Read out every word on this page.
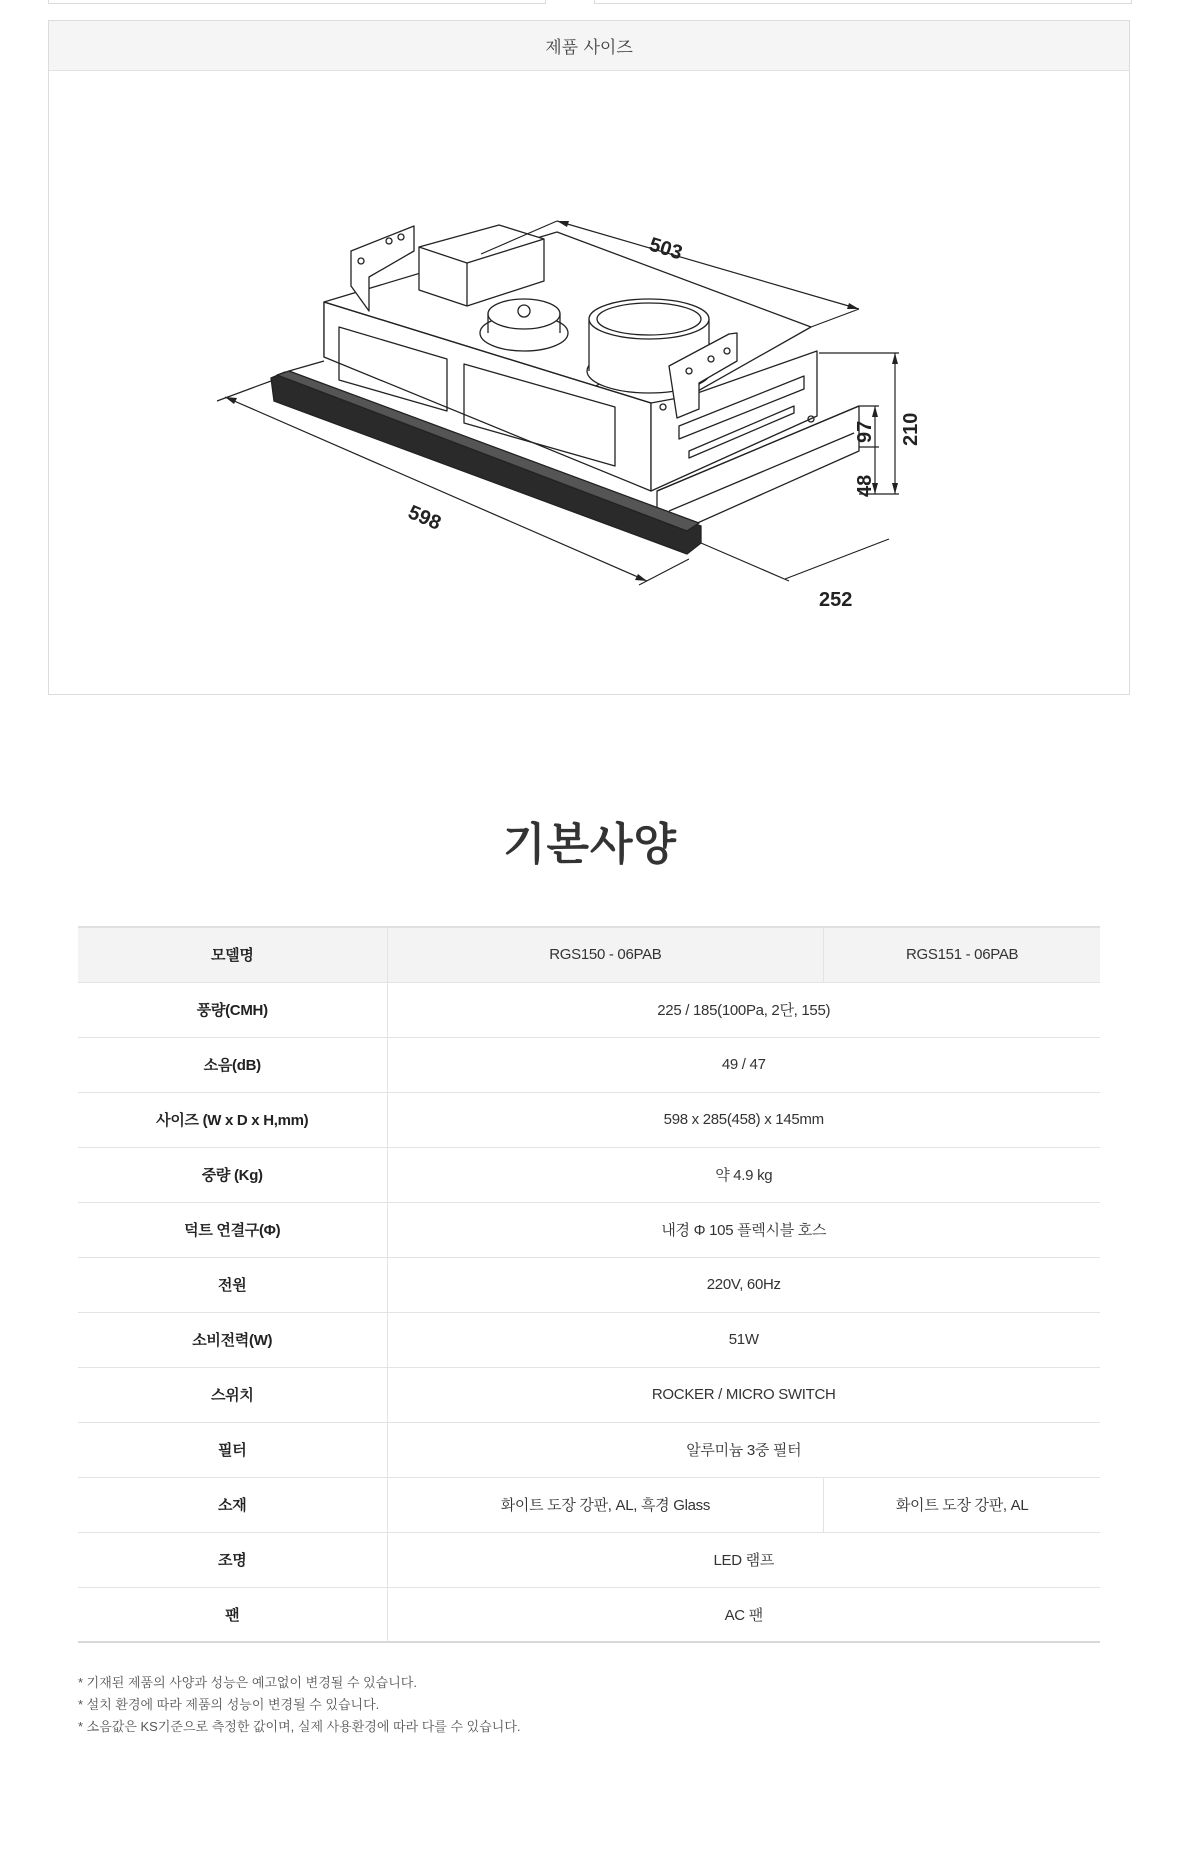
제품 사이즈
503
598
252
97
48
210
기본사양
모델명	RGS150 - 06PAB	RGS151 - 06PAB
풍량(CMH)	225 / 185(100Pa, 2단, 155)	
소음(dB)	49 / 47	
사이즈 (W x D x H,mm)	598 x 285(458) x 145mm	
중량 (Kg)	약 4.9 kg	
덕트 연결구(Φ)	내경 Φ 105 플렉시블 호스	
전원	220V, 60Hz	
소비전력(W)	51W	
스위치	ROCKER / MICRO SWITCH	
필터	알루미늄 3중 필터	
소재	화이트 도장 강판, AL, 흑경 Glass	화이트 도장 강판, AL
조명	LED 램프	
팬	AC 팬	
* 기재된 제품의 사양과 성능은 예고없이 변경될 수 있습니다.
* 설치 환경에 따라 제품의 성능이 변경될 수 있습니다.
* 소음값은 KS기준으로 측정한 값이며, 실제 사용환경에 따라 다를 수 있습니다.
